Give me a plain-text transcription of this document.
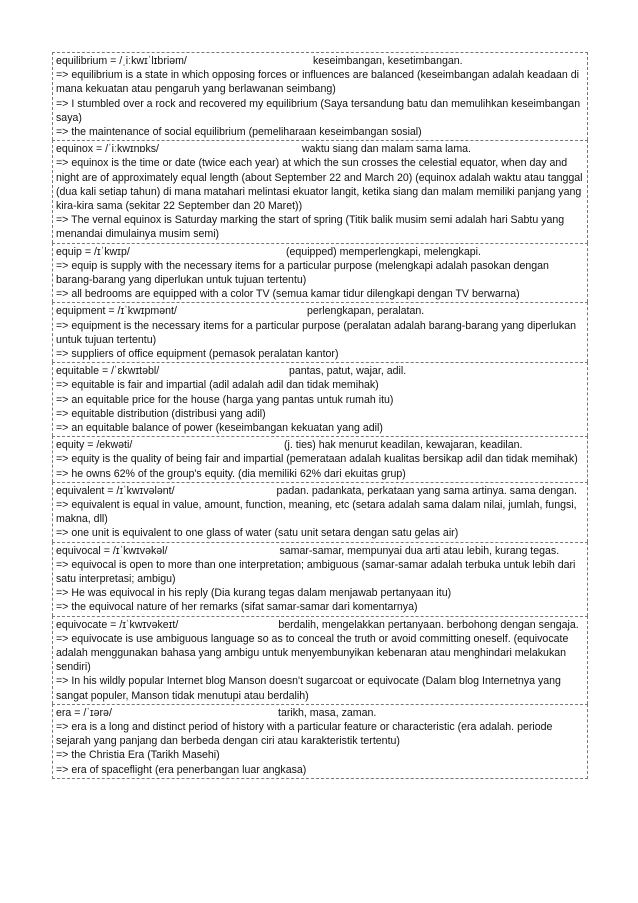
equilibrium = /ˌiːkwɪˈlɪbriəm/	keseimbangan, kesetimbangan.
=> equilibrium is a state in which opposing forces or influences are balanced (keseimbangan adalah keadaan di mana kekuatan atau pengaruh yang berlawanan seimbang)
=> I stumbled over a rock and recovered my equilibrium (Saya tersandung batu dan memulihkan keseimbangan saya)
=> the maintenance of social equilibrium (pemeliharaan keseimbangan sosial)
equinox = /ˈiːkwɪnɒks/	waktu siang dan malam sama lama.
=> equinox is the time or date (twice each year) at which the sun crosses the celestial equator, when day and night are of approximately equal length (about September 22 and March 20) (equinox adalah waktu atau tanggal (dua kali setiap tahun) di mana matahari melintasi ekuator langit, ketika siang dan malam memiliki panjang yang kira-kira sama (sekitar 22 September dan 20 Maret))
=> The vernal equinox is Saturday marking the start of spring (Titik balik musim semi adalah hari Sabtu yang menandai dimulainya musim semi)
equip = /ɪˈkwɪp/	(equipped) memperlengkapi, melengkapi.
=> equip is supply with the necessary items for a particular purpose (melengkapi adalah pasokan dengan barang-barang yang diperlukan untuk tujuan tertentu)
=> all bedrooms are equipped with a color TV (semua kamar tidur dilengkapi dengan TV berwarna)
equipment = /ɪˈkwɪpmənt/	perlengkapan, peralatan.
=> equipment is the necessary items for a particular purpose (peralatan adalah barang-barang yang diperlukan untuk tujuan tertentu)
=> suppliers of office equipment (pemasok peralatan kantor)
equitable = /ˈɛkwɪtəbl/	pantas, patut, wajar, adil.
=> equitable is fair and impartial (adil adalah adil dan tidak memihak)
=> an equitable price for the house (harga yang pantas untuk rumah itu)
=> equitable distribution (distribusi yang adil)
=> an equitable balance of power (keseimbangan kekuatan yang adil)
equity = /ekwəti/	(j. ties) hak menurut keadilan, kewajaran, keadilan.
=> equity is the quality of being fair and impartial (pemerataan adalah kualitas bersikap adil dan tidak memihak)
=> he owns 62% of the group's equity. (dia memiliki 62% dari ekuitas grup)
equivalent = /ɪˈkwɪvələnt/	padan. padankata, perkataan yang sama artinya. sama dengan.
=> equivalent is equal in value, amount, function, meaning, etc (setara adalah sama dalam nilai, jumlah, fungsi, makna, dll)
=> one unit is equivalent to one glass of water (satu unit setara dengan satu gelas air)
equivocal = /ɪˈkwɪvəkəl/	samar-samar, mempunyai dua arti atau lebih, kurang tegas.
=> equivocal is open to more than one interpretation; ambiguous (samar-samar adalah terbuka untuk lebih dari satu interpretasi; ambigu)
=> He was equivocal in his reply (Dia kurang tegas dalam menjawab pertanyaan itu)
=> the equivocal nature of her remarks (sifat samar-samar dari komentarnya)
equivocate = /ɪˈkwɪvəkeɪt/	berdalih, mengelakkan pertanyaan. berbohong dengan sengaja.
=> equivocate is use ambiguous language so as to conceal the truth or avoid committing oneself. (equivocate adalah menggunakan bahasa yang ambigu untuk menyembunyikan kebenaran atau menghindari melakukan sendiri)
=> In his wildly popular Internet blog Manson doesn't sugarcoat or equivocate (Dalam blog Internetnya yang sangat populer, Manson tidak menutupi atau berdalih)
era = /ˈɪərə/	tarikh, masa, zaman.
=> era is a long and distinct period of history with a particular feature or characteristic (era adalah. periode sejarah yang panjang dan berbeda dengan ciri atau karakteristik tertentu)
=> the Christia Era (Tarikh Masehi)
=> era of spaceflight (era penerbangan luar angkasa)
